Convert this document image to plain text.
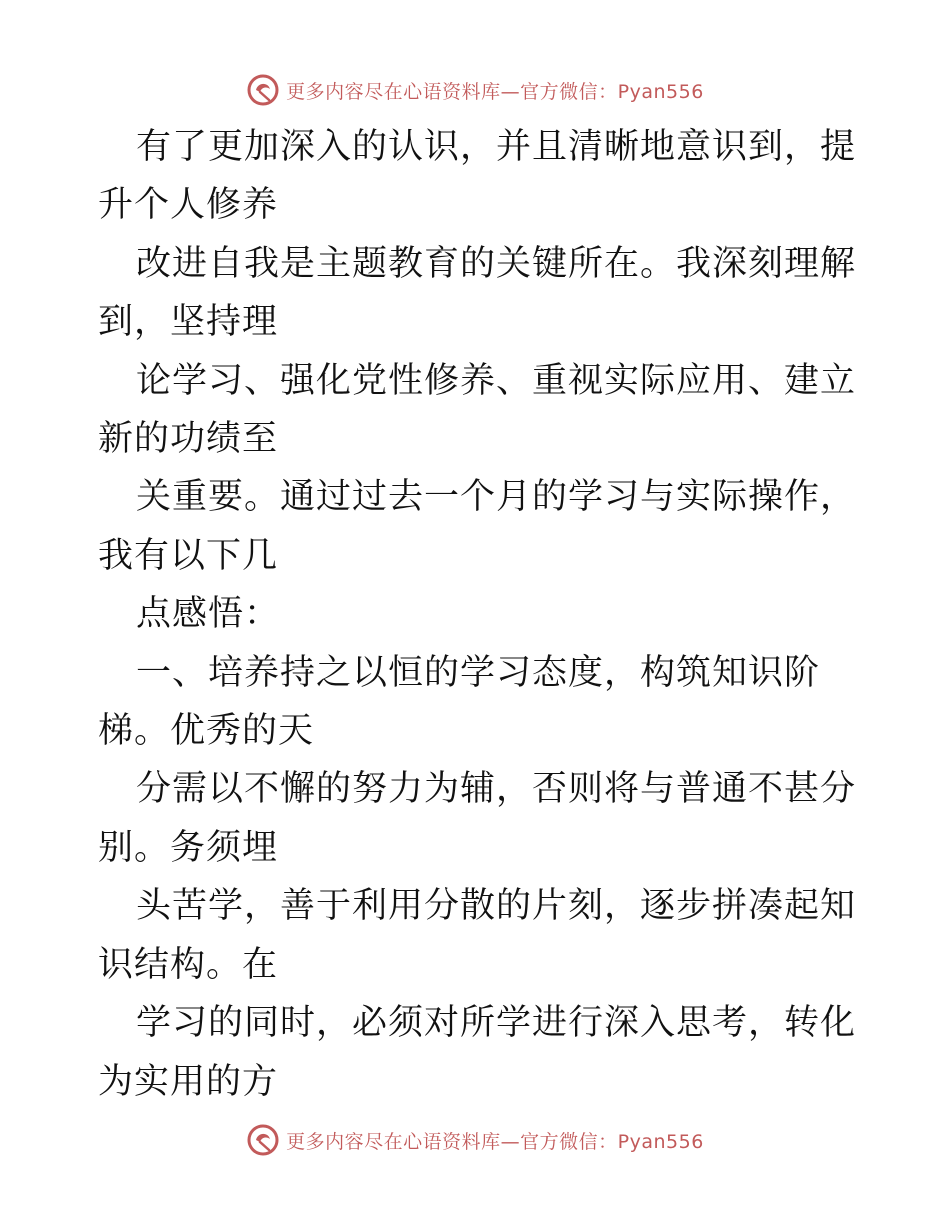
更多内容尽在心语资料库—官方微信：Pyan556

有了更加深入的认识，并且清晰地意识到，提升个人修养

改进自我是主题教育的关键所在。我深刻理解到，坚持理

论学习、强化党性修养、重视实际应用、建立新的功绩至

关重要。通过过去一个月的学习与实际操作，我有以下几

点感悟：

一、培养持之以恒的学习态度，构筑知识阶梯。优秀的天

分需以不懈的努力为辅，否则将与普通不甚分别。务须埋

头苦学，善于利用分散的片刻，逐步拼凑起知识结构。在

学习的同时，必须对所学进行深入思考，转化为实用的方

更多内容尽在心语资料库—官方微信：Pyan556
